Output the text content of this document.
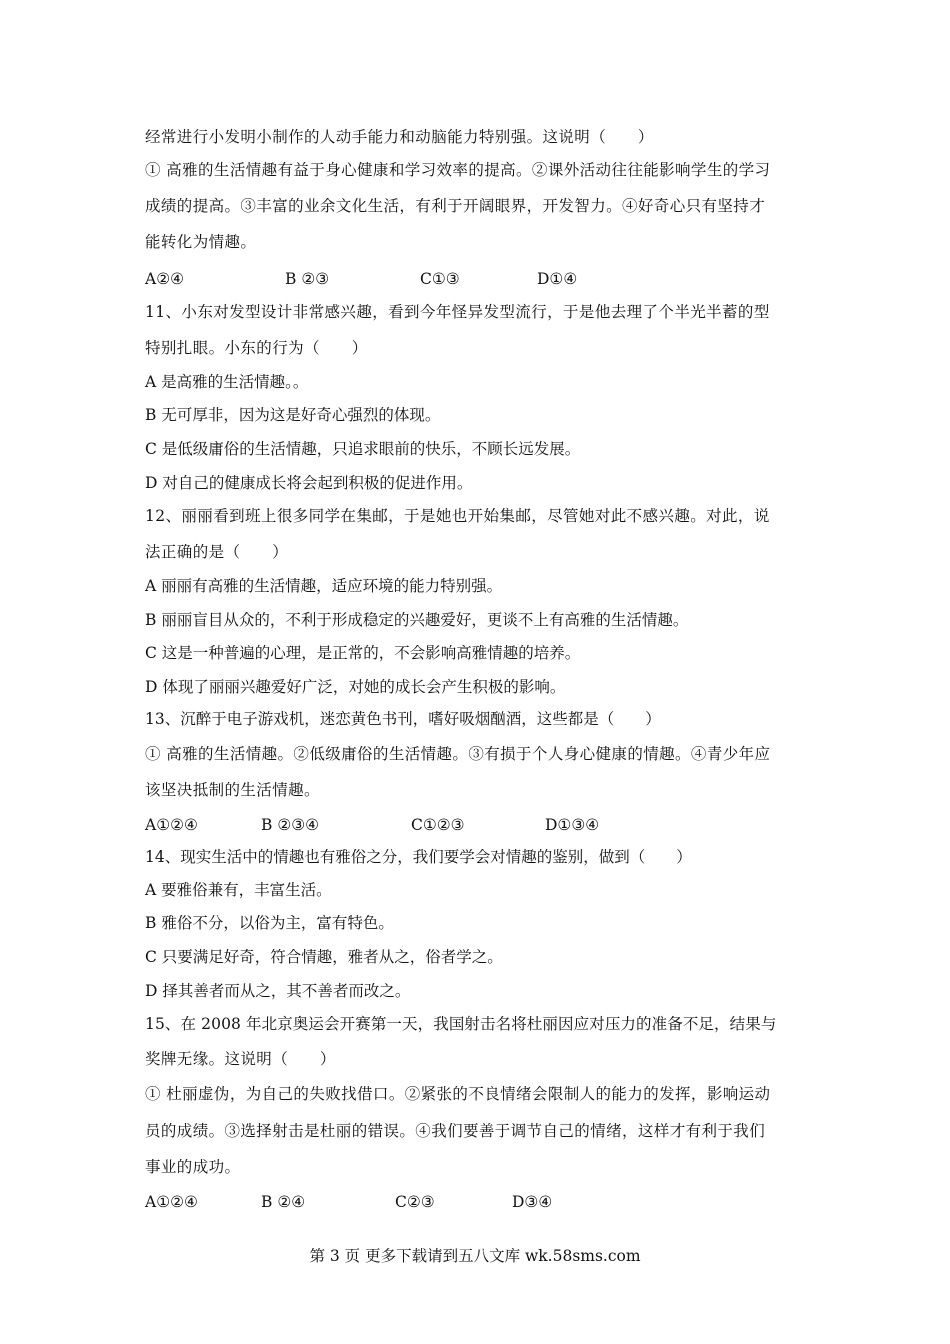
经常进行小发明小制作的人动手能力和动脑能力特别强。这说明（　　）
① 高雅的生活情趣有益于身心健康和学习效率的提高。②课外活动往往能影响学生的学习
成绩的提高。③丰富的业余文化生活，有利于开阔眼界，开发智力。④好奇心只有坚持才
能转化为情趣。
A②④	B ②③	C①③	D①④
11、小东对发型设计非常感兴趣，看到今年怪异发型流行，于是他去理了个半光半蓄的型
特别扎眼。小东的行为（　　）
A 是高雅的生活情趣。。
B 无可厚非，因为这是好奇心强烈的体现。
C 是低级庸俗的生活情趣，只追求眼前的快乐，不顾长远发展。
D 对自己的健康成长将会起到积极的促进作用。
12、丽丽看到班上很多同学在集邮，于是她也开始集邮，尽管她对此不感兴趣。对此，说
法正确的是（　　）
A 丽丽有高雅的生活情趣，适应环境的能力特别强。
B 丽丽盲目从众的，不利于形成稳定的兴趣爱好，更谈不上有高雅的生活情趣。
C 这是一种普遍的心理，是正常的，不会影响高雅情趣的培养。
D 体现了丽丽兴趣爱好广泛，对她的成长会产生积极的影响。
13、沉醉于电子游戏机，迷恋黄色书刊，嗜好吸烟酗酒，这些都是（　　）
① 高雅的生活情趣。②低级庸俗的生活情趣。③有损于个人身心健康的情趣。④青少年应
该坚决抵制的生活情趣。
A①②④	B ②③④	C①②③	D①③④
14、现实生活中的情趣也有雅俗之分，我们要学会对情趣的鉴别，做到（　　）
A 要雅俗兼有，丰富生活。
B 雅俗不分，以俗为主，富有特色。
C 只要满足好奇，符合情趣，雅者从之，俗者学之。
D 择其善者而从之，其不善者而改之。
15、在 2008 年北京奥运会开赛第一天，我国射击名将杜丽因应对压力的准备不足，结果与
奖牌无缘。这说明（　　）
① 杜丽虚伪，为自己的失败找借口。②紧张的不良情绪会限制人的能力的发挥，影响运动
员的成绩。③选择射击是杜丽的错误。④我们要善于调节自己的情绪，这样才有利于我们
事业的成功。
A①②④	B ②④	C②③	D③④
第 3 页 更多下载请到五八文库 wk.58sms.com
